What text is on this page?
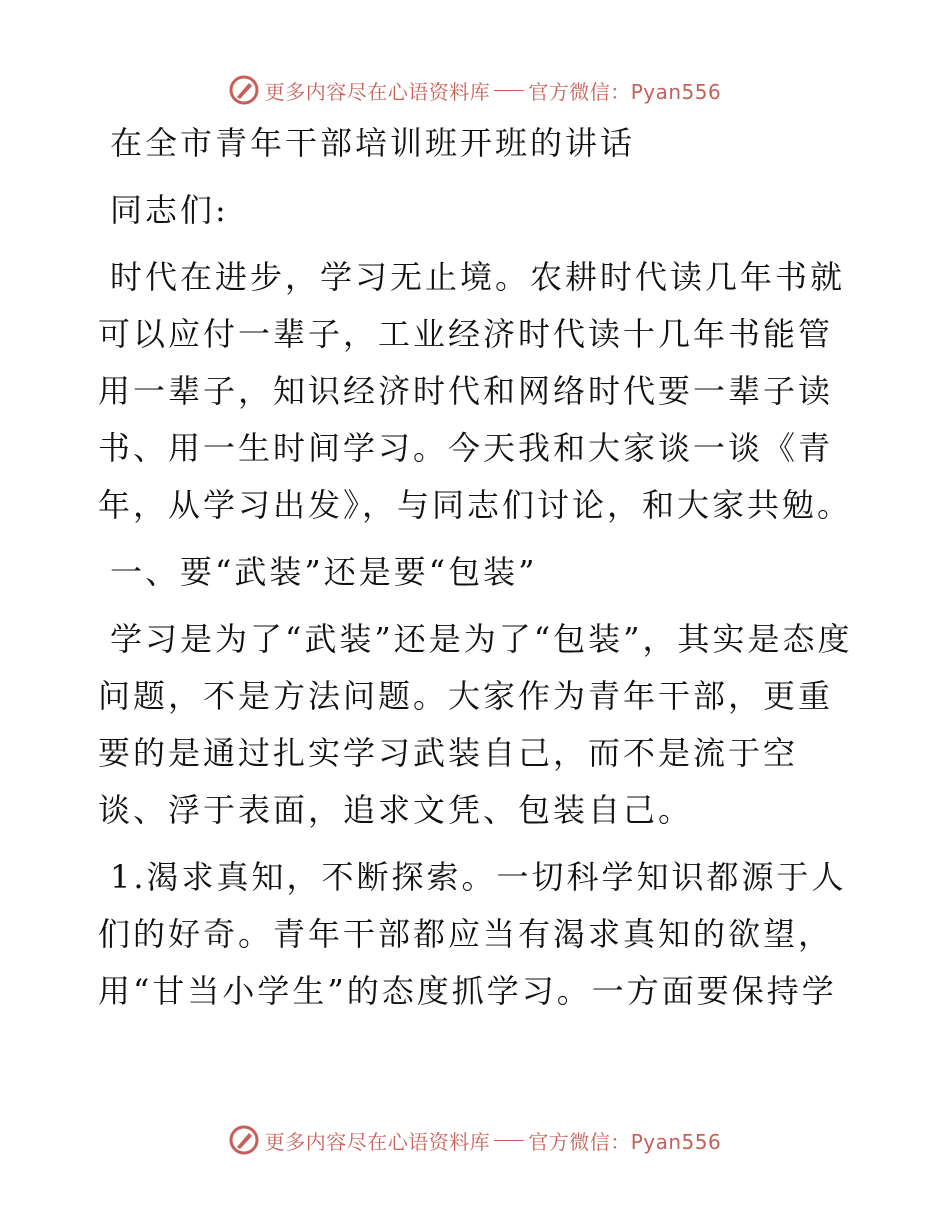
更多内容尽在心语资料库 官方微信：Pyan556

在全市青年干部培训班开班的讲话

同志们:

时代在进步，学习无止境。农耕时代读几年书就可以应付一辈子，工业经济时代读十几年书能管用一辈子，知识经济时代和网络时代要一辈子读书、用一生时间学习。今天我和大家谈一谈《青年，从学习出发》，与同志们讨论，和大家共勉。

一、要“武装”还是要“包装”

学习是为了“武装”还是为了“包装”，其实是态度问题，不是方法问题。大家作为青年干部，更重要的是通过扎实学习武装自己，而不是流于空谈、浮于表面，追求文凭、包装自己。

1.渴求真知，不断探索。一切科学知识都源于人们的好奇。青年干部都应当有渴求真知的欲望，用“甘当小学生”的态度抓学习。一方面要保持学

更多内容尽在心语资料库 官方微信：Pyan556
